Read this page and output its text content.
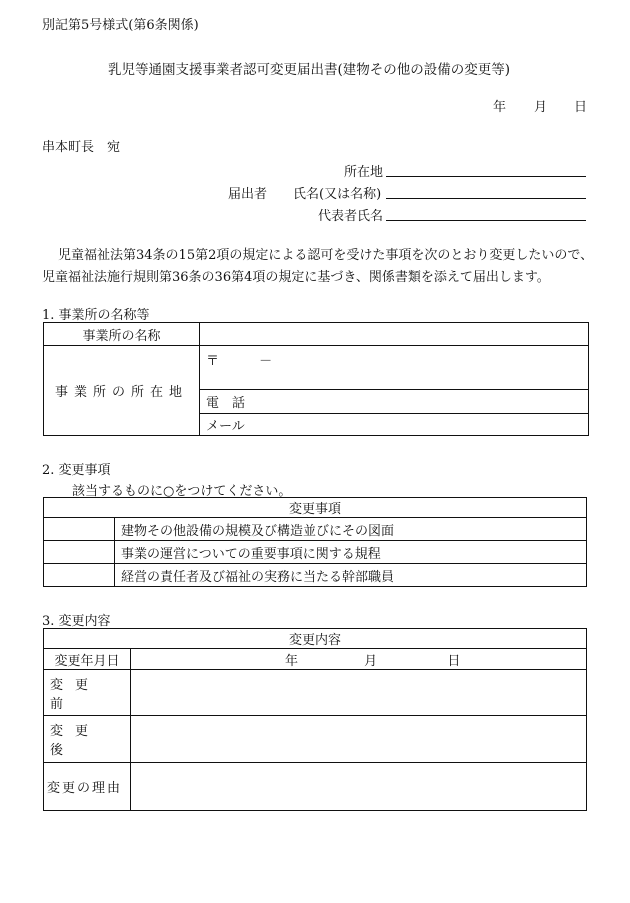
別記第5号様式(第6条関係)
乳児等通園支援事業者認可変更届出書(建物その他の設備の変更等)
年 月 日
串本町長　宛
所在地
届出者 氏名(又は名称)
代表者氏名
児童福祉法第34条の15第2項の規定による認可を受けた事項を次のとおり変更したいので、
児童福祉法施行規則第36条の36第4項の規定に基づき、関係書類を添えて届出します。
1. 事業所の名称等
事業所の名称	
事業所の所在地	〒 －
	電　話
	メール
2. 変更事項
該当するものに○をつけてください。
変更事項	
	建物その他設備の規模及び構造並びにその図面
	事業の運営についての重要事項に関する規程
	経営の責任者及び福祉の実務に当たる幹部職員
3. 変更内容
変更内容	
変更年月日	年 月 日
変更前	
変更後	
変更の理由	
